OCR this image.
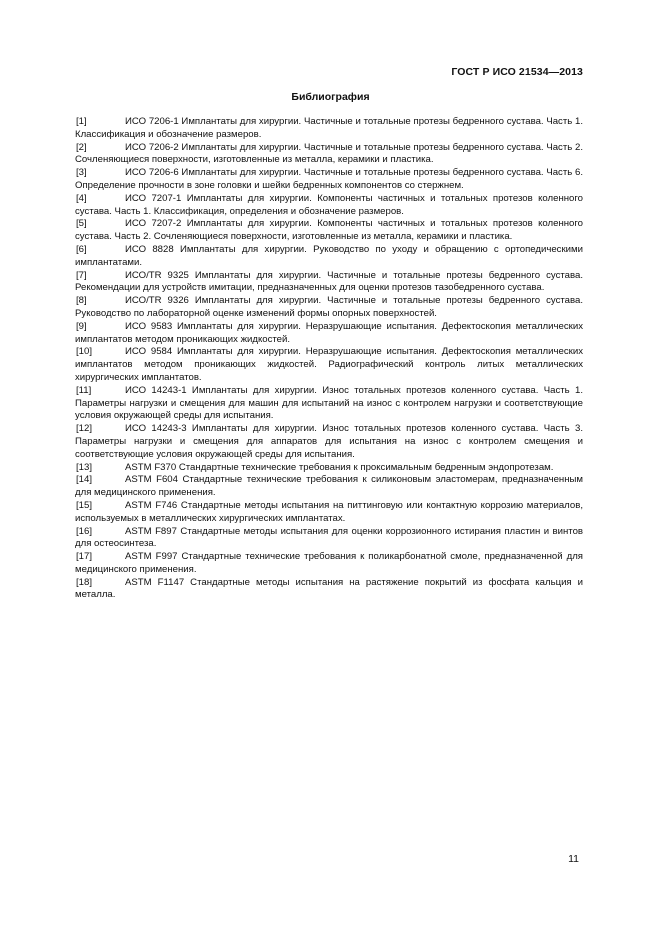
ГОСТ Р ИСО 21534—2013
Библиография

[1]	ИСО 7206-1 Имплантаты для хирургии. Частичные и тотальные протезы бедренного сустава. Часть 1. Классификация и обозначение размеров.

[2]	ИСО 7206-2 Имплантаты для хирургии. Частичные и тотальные протезы бедренного сустава. Часть 2. Сочленяющиеся поверхности, изготовленные из металла, керамики и пластика.

[3]	ИСО 7206-6 Имплантаты для хирургии. Частичные и тотальные протезы бедренного сустава. Часть 6. Определение прочности в зоне головки и шейки бедренных компонентов со стержнем.

[4]	ИСО 7207-1 Имплантаты для хирургии. Компоненты частичных и тотальных протезов коленного сустава. Часть 1. Классификация, определения и обозначение размеров.

[5]	ИСО 7207-2 Имплантаты для хирургии. Компоненты частичных и тотальных протезов коленного сустава. Часть 2. Сочленяющиеся поверхности, изготовленные из металла, керамики и пластика.

[6]	ИСО 8828 Имплантаты для хирургии. Руководство по уходу и обращению с ортопедическими имплантатами.

[7]	ИСО/TR 9325 Имплантаты для хирургии. Частичные и тотальные протезы бедренного сустава. Рекомендации для устройств имитации, предназначенных для оценки протезов тазобедренного сустава.

[8]	ИСО/TR 9326 Имплантаты для хирургии. Частичные и тотальные протезы бедренного сустава. Руководство по лабораторной оценке изменений формы опорных поверхностей.

[9]	ИСО 9583 Имплантаты для хирургии. Неразрушающие испытания. Дефектоскопия металлических имплантатов методом проникающих жидкостей.

[10]	ИСО 9584 Имплантаты для хирургии. Неразрушающие испытания. Дефектоскопия металлических имплантатов методом проникающих жидкостей. Радиографический контроль литых металлических хирургических имплантатов.

[11]	ИСО 14243-1 Имплантаты для хирургии. Износ тотальных протезов коленного сустава. Часть 1. Параметры нагрузки и смещения для машин для испытаний на износ с контролем нагрузки и соответствующие условия окружающей среды для испытания.

[12]	ИСО 14243-3 Имплантаты для хирургии. Износ тотальных протезов коленного сустава. Часть 3. Параметры нагрузки и смещения для аппаратов для испытания на износ с контролем смещения и соответствующие условия окружающей среды для испытания.

[13]	ASTM F370 Стандартные технические требования к проксимальным бедренным эндопротезам.

[14]	ASTM F604 Стандартные технические требования к силиконовым эластомерам, предназначенным для медицинского применения.

[15]	ASTM F746 Стандартные методы испытания на питтинговую или контактную коррозию материалов, используемых в металлических хирургических имплантатах.

[16]	ASTM F897 Стандартные методы испытания для оценки коррозионного истирания пластин и винтов для остеосинтеза.

[17]	ASTM F997 Стандартные технические требования к поликарбонатной смоле, предназначенной для медицинского применения.

[18]	ASTM F1147 Стандартные методы испытания на растяжение покрытий из фосфата кальция и металла.

11
